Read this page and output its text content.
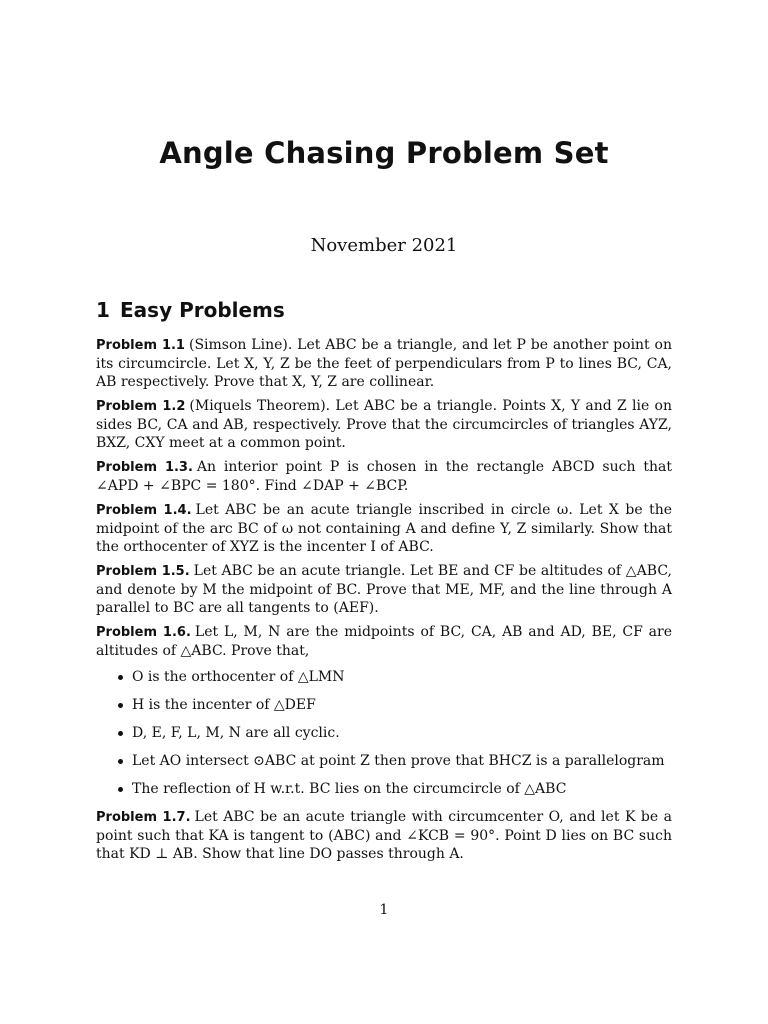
Angle Chasing Problem Set
November 2021
1 Easy Problems

Problem 1.1 (Simson Line). Let ABC be a triangle, and let P be another point on its circumcircle. Let X, Y, Z be the feet of perpendiculars from P to lines BC, CA, AB respectively. Prove that X, Y, Z are collinear.

Problem 1.2 (Miquels Theorem). Let ABC be a triangle. Points X, Y and Z lie on sides BC, CA and AB, respectively. Prove that the circumcircles of triangles AYZ, BXZ, CXY meet at a common point.

Problem 1.3. An interior point P is chosen in the rectangle ABCD such that ∠APD + ∠BPC = 180°. Find ∠DAP + ∠BCP.

Problem 1.4. Let ABC be an acute triangle inscribed in circle ω. Let X be the midpoint of the arc BC of ω not containing A and define Y, Z similarly. Show that the orthocenter of XYZ is the incenter I of ABC.

Problem 1.5. Let ABC be an acute triangle. Let BE and CF be altitudes of △ABC, and denote by M the midpoint of BC. Prove that ME, MF, and the line through A parallel to BC are all tangents to (AEF).

Problem 1.6. Let L, M, N are the midpoints of BC, CA, AB and AD, BE, CF are altitudes of △ABC. Prove that,
O is the orthocenter of △LMN
H is the incenter of △DEF
D, E, F, L, M, N are all cyclic.
Let AO intersect ⊙ABC at point Z then prove that BHCZ is a parallelogram
The reflection of H w.r.t. BC lies on the circumcircle of △ABC

Problem 1.7. Let ABC be an acute triangle with circumcenter O, and let K be a point such that KA is tangent to (ABC) and ∠KCB = 90°. Point D lies on BC such that KD ⊥ AB. Show that line DO passes through A.

1
